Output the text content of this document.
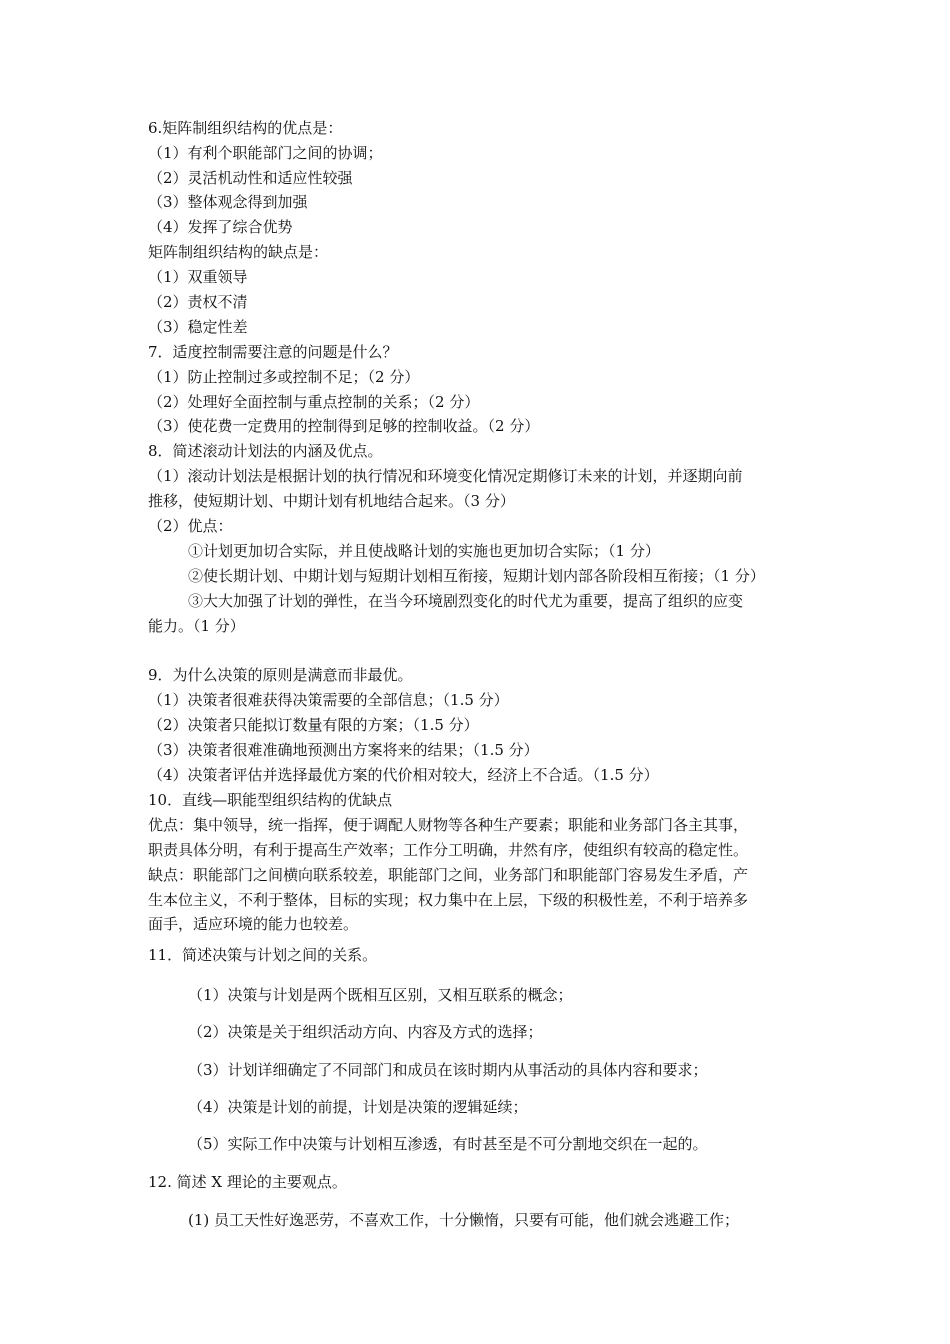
6.矩阵制组织结构的优点是：
（1）有利个职能部门之间的协调；
（2）灵活机动性和适应性较强
（3）整体观念得到加强
（4）发挥了综合优势
矩阵制组织结构的缺点是：
（1）双重领导
（2）责权不清
（3）稳定性差
7．适度控制需要注意的问题是什么？
（1）防止控制过多或控制不足；（2 分）
（2）处理好全面控制与重点控制的关系；（2 分）
（3）使花费一定费用的控制得到足够的控制收益。（2 分）
8．简述滚动计划法的内涵及优点。
（1）滚动计划法是根据计划的执行情况和环境变化情况定期修订未来的计划，并逐期向前
推移，使短期计划、中期计划有机地结合起来。（3 分）
（2）优点：
①计划更加切合实际，并且使战略计划的实施也更加切合实际；（1 分）
②使长期计划、中期计划与短期计划相互衔接，短期计划内部各阶段相互衔接；（1 分）
③大大加强了计划的弹性，在当今环境剧烈变化的时代尤为重要，提高了组织的应变
能力。（1 分）
9．为什么决策的原则是满意而非最优。
（1）决策者很难获得决策需要的全部信息；（1.5 分）
（2）决策者只能拟订数量有限的方案；（1.5 分）
（3）决策者很难准确地预测出方案将来的结果；（1.5 分）
（4）决策者评估并选择最优方案的代价相对较大，经济上不合适。（1.5 分）
10．直线—职能型组织结构的优缺点
优点：集中领导，统一指挥，便于调配人财物等各种生产要素；职能和业务部门各主其事，
职责具体分明，有利于提高生产效率；工作分工明确，井然有序，使组织有较高的稳定性。
缺点：职能部门之间横向联系较差，职能部门之间，业务部门和职能部门容易发生矛盾，产
生本位主义，不利于整体，目标的实现；权力集中在上层，下级的积极性差，不利于培养多
面手，适应环境的能力也较差。
11．简述决策与计划之间的关系。
（1）决策与计划是两个既相互区别，又相互联系的概念；
（2）决策是关于组织活动方向、内容及方式的选择；
（3）计划详细确定了不同部门和成员在该时期内从事活动的具体内容和要求；
（4）决策是计划的前提，计划是决策的逻辑延续；
（5）实际工作中决策与计划相互渗透，有时甚至是不可分割地交织在一起的。
12. 简述 X 理论的主要观点。
(1) 员工天性好逸恶劳，不喜欢工作，十分懒惰，只要有可能，他们就会逃避工作；
